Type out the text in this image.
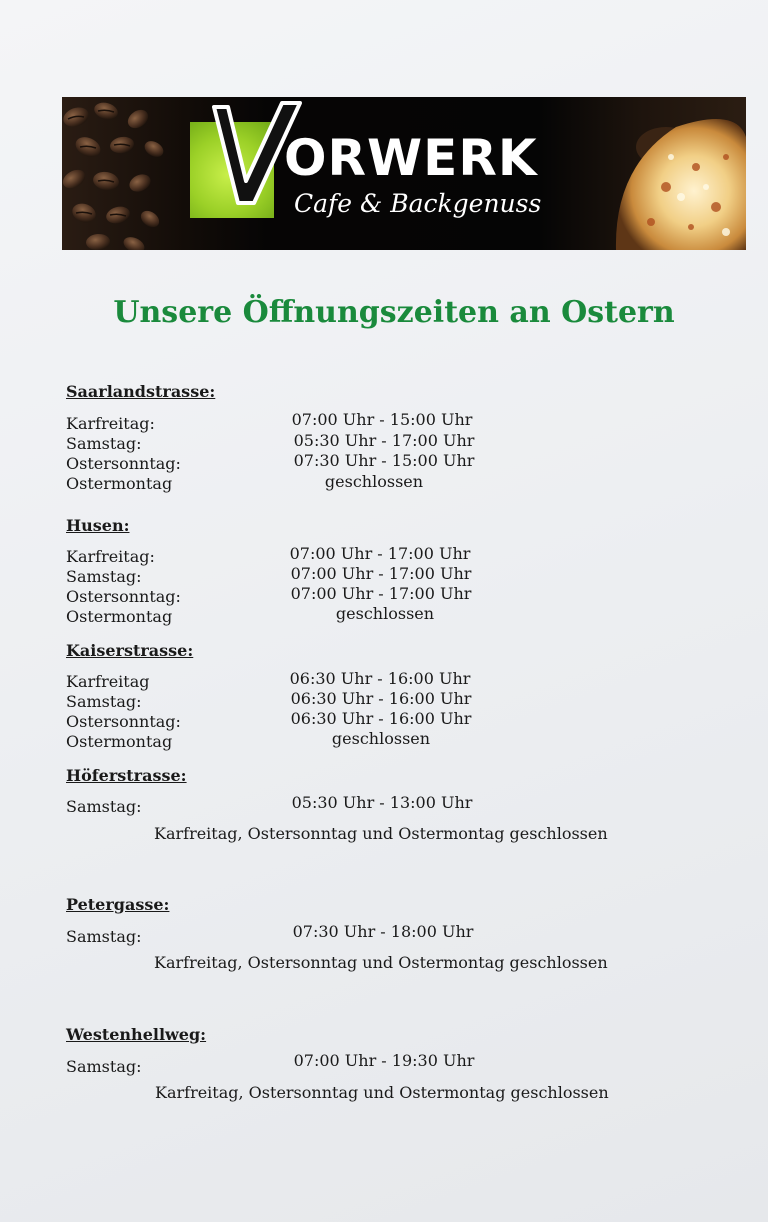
ORWERK
Cafe & Backgenuss
Unsere Öffnungszeiten an Ostern
Saarlandstrasse:
Karfreitag:	07:00 Uhr - 15:00 Uhr
Samstag:	05:30 Uhr - 17:00 Uhr
Ostersonntag:	07:30 Uhr - 15:00 Uhr
Ostermontag	geschlossen
Husen:
Karfreitag:	07:00 Uhr - 17:00 Uhr
Samstag:	07:00 Uhr - 17:00 Uhr
Ostersonntag:	07:00 Uhr - 17:00 Uhr
Ostermontag	geschlossen
Kaiserstrasse:
Karfreitag	06:30 Uhr - 16:00 Uhr
Samstag:	06:30 Uhr - 16:00 Uhr
Ostersonntag:	06:30 Uhr - 16:00 Uhr
Ostermontag	geschlossen
Höferstrasse:
Samstag:	05:30 Uhr - 13:00 Uhr
Karfreitag, Ostersonntag und Ostermontag geschlossen
Petergasse:
Samstag:	07:30 Uhr - 18:00 Uhr
Karfreitag, Ostersonntag und Ostermontag geschlossen
Westenhellweg:
Samstag:	07:00 Uhr - 19:30 Uhr
Karfreitag, Ostersonntag und Ostermontag geschlossen
